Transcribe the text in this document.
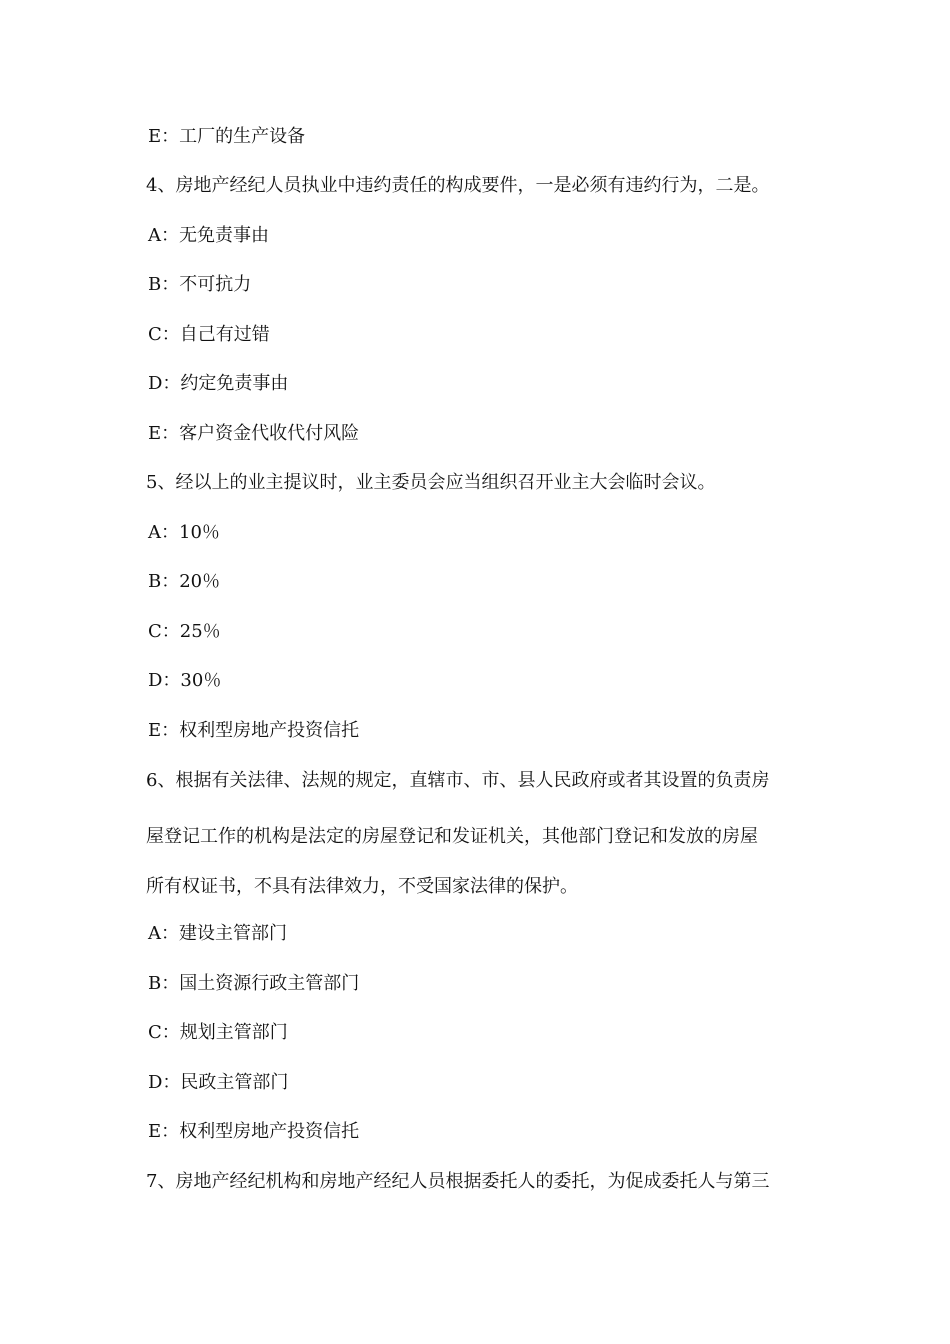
E：工厂的生产设备
4、房地产经纪人员执业中违约责任的构成要件，一是必须有违约行为，二是。
A：无免责事由
B：不可抗力
C：自己有过错
D：约定免责事由
E：客户资金代收代付风险
5、经以上的业主提议时，业主委员会应当组织召开业主大会临时会议。
A：10％
B：20％
C：25％
D：30％
E：权利型房地产投资信托
6、根据有关法律、法规的规定，直辖市、市、县人民政府或者其设置的负责房
屋登记工作的机构是法定的房屋登记和发证机关，其他部门登记和发放的房屋
所有权证书，不具有法律效力，不受国家法律的保护。
A：建设主管部门
B：国土资源行政主管部门
C：规划主管部门
D：民政主管部门
E：权利型房地产投资信托
7、房地产经纪机构和房地产经纪人员根据委托人的委托，为促成委托人与第三
